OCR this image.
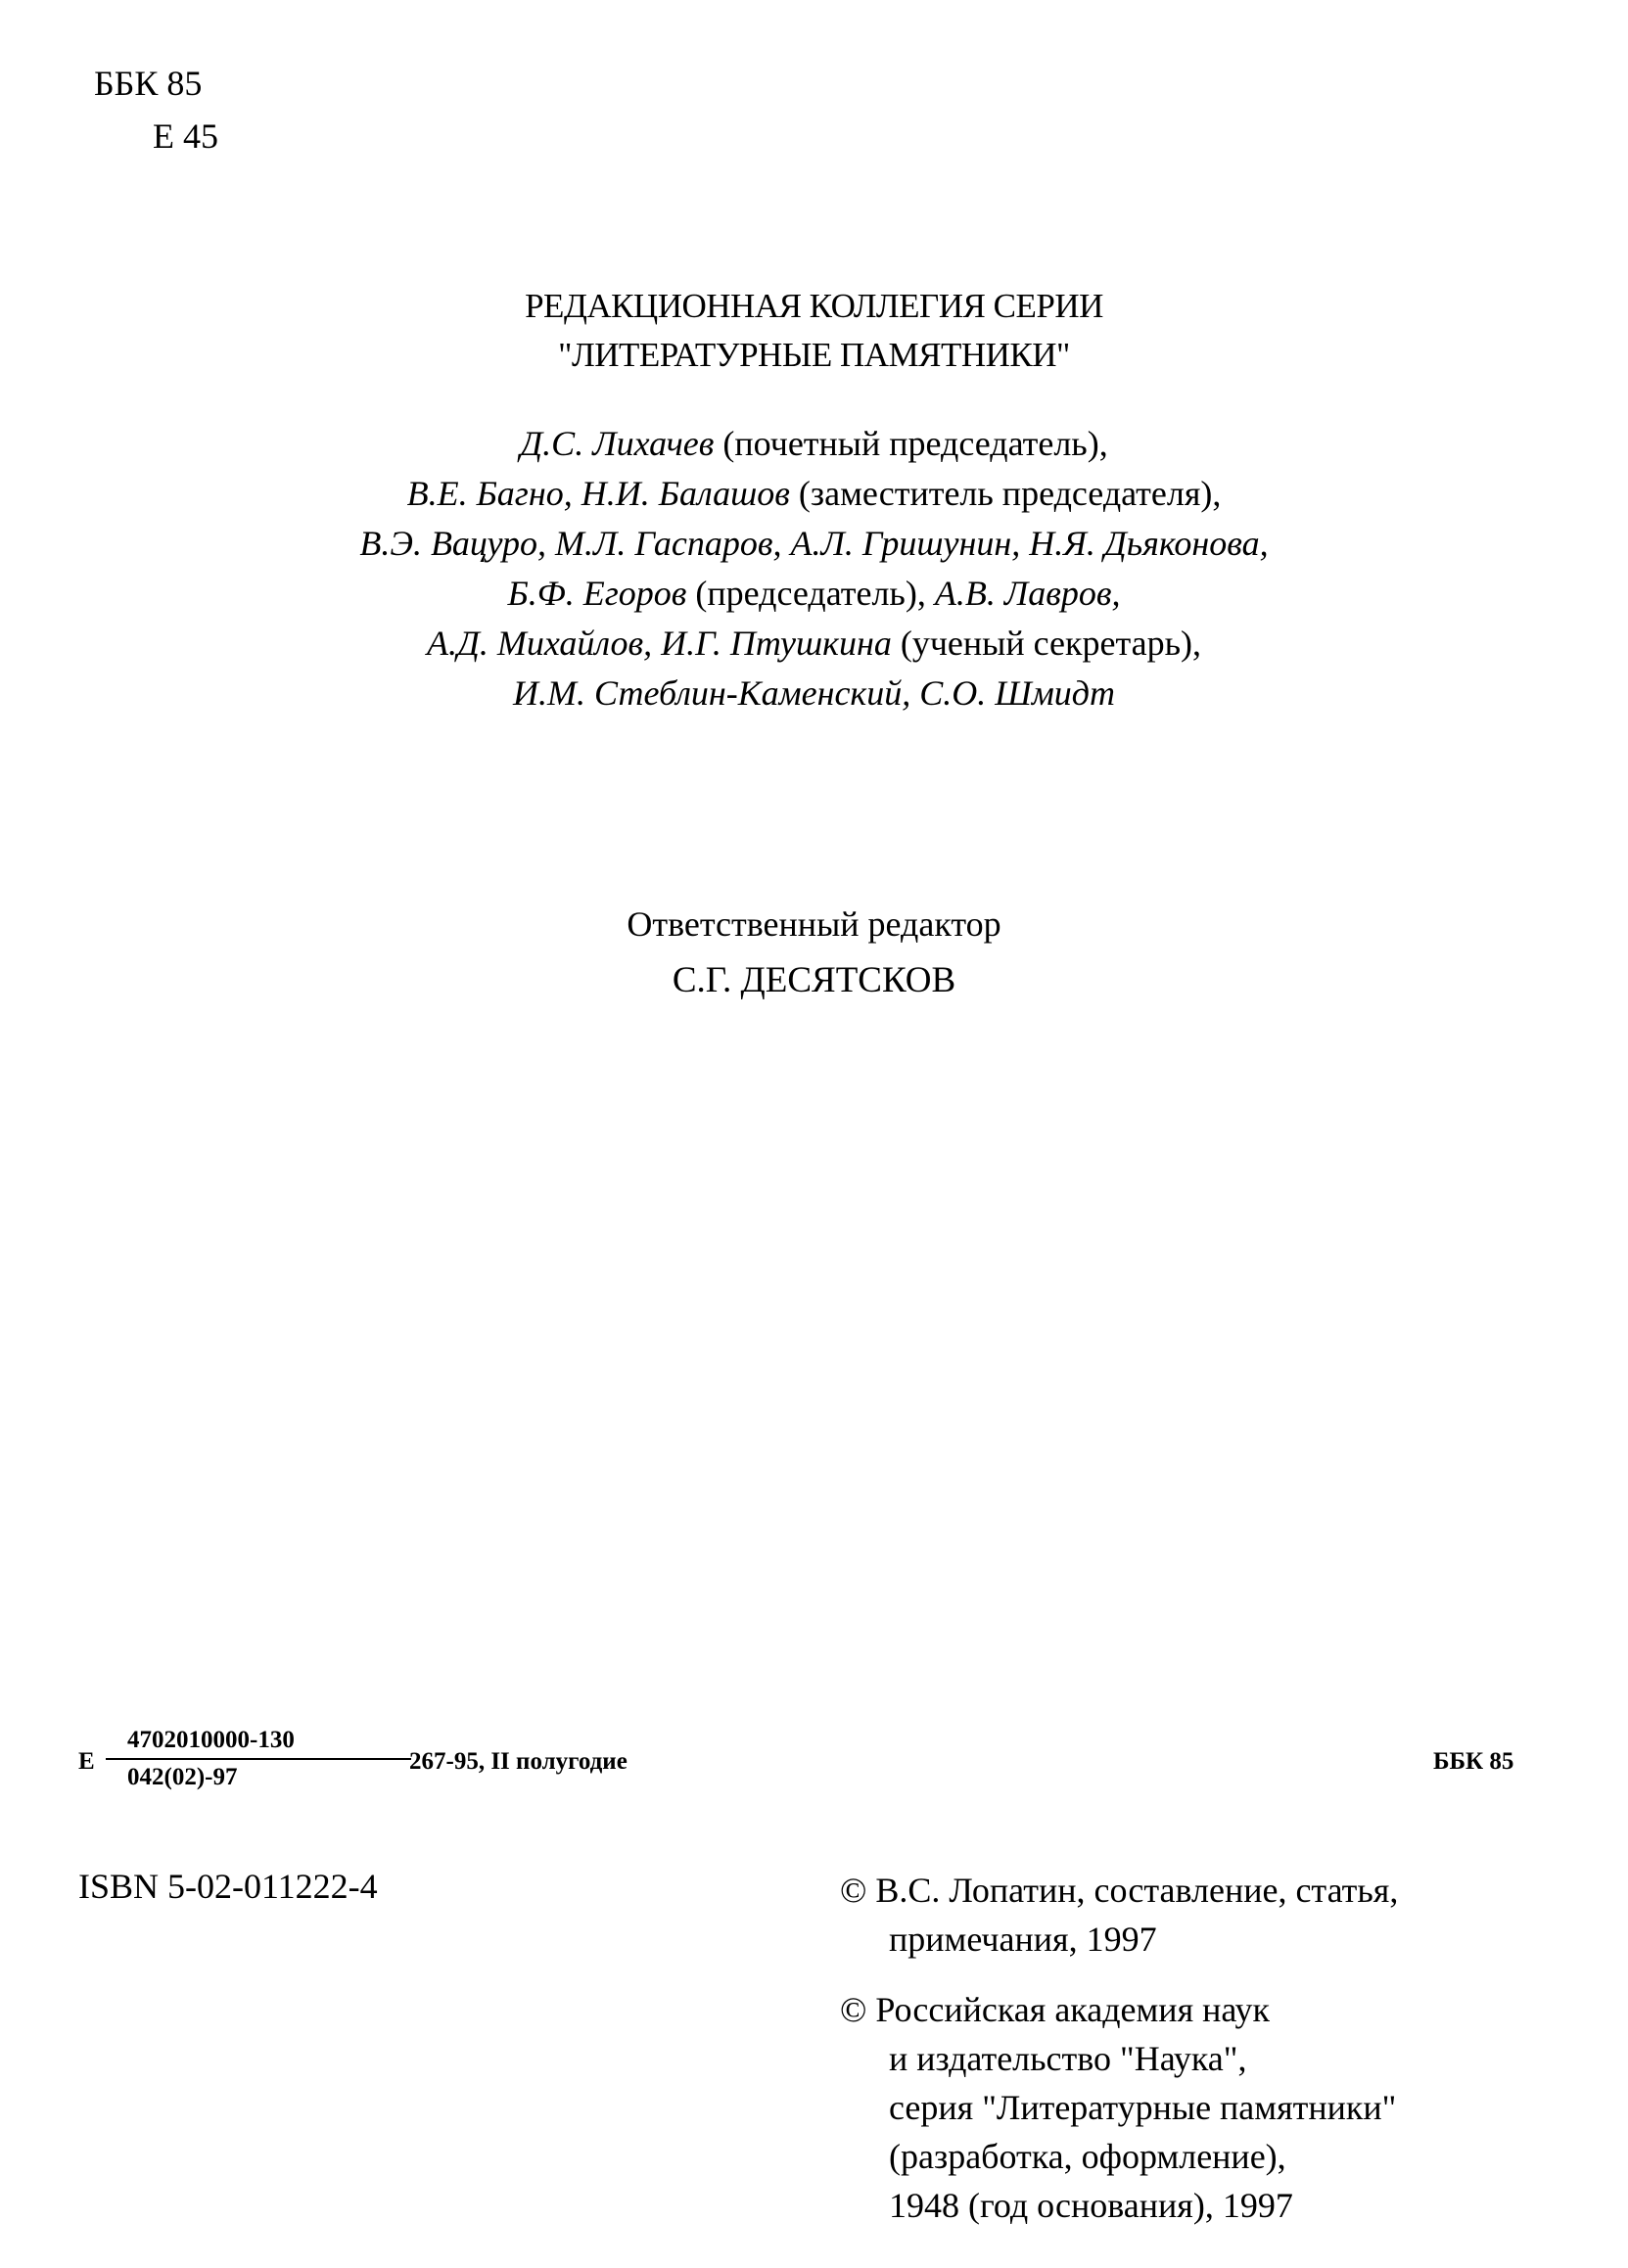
ББК 85
Е 45
РЕДАКЦИОННАЯ КОЛЛЕГИЯ СЕРИИ
"ЛИТЕРАТУРНЫЕ ПАМЯТНИКИ"
Д.С. Лихачев (почетный председатель),
В.Е. Багно, Н.И. Балашов (заместитель председателя),
В.Э. Вацуро, М.Л. Гаспаров, А.Л. Гришунин, Н.Я. Дьяконова,
Б.Ф. Егоров (председатель), А.В. Лавров,
А.Д. Михайлов, И.Г. Птушкина (ученый секретарь),
И.М. Стеблин-Каменский, С.О. Шмидт
Ответственный редактор
С.Г. ДЕСЯТСКОВ
Е
4702010000-130
042(02)-97
267-95, II полугодие	ББК 85
ISBN 5-02-011222-4	© В.С. Лопатин, составление, статья,
примечания, 1997
© Российская академия наук
и издательство "Наука",
серия "Литературные памятники"
(разработка, оформление),
1948 (год основания), 1997
